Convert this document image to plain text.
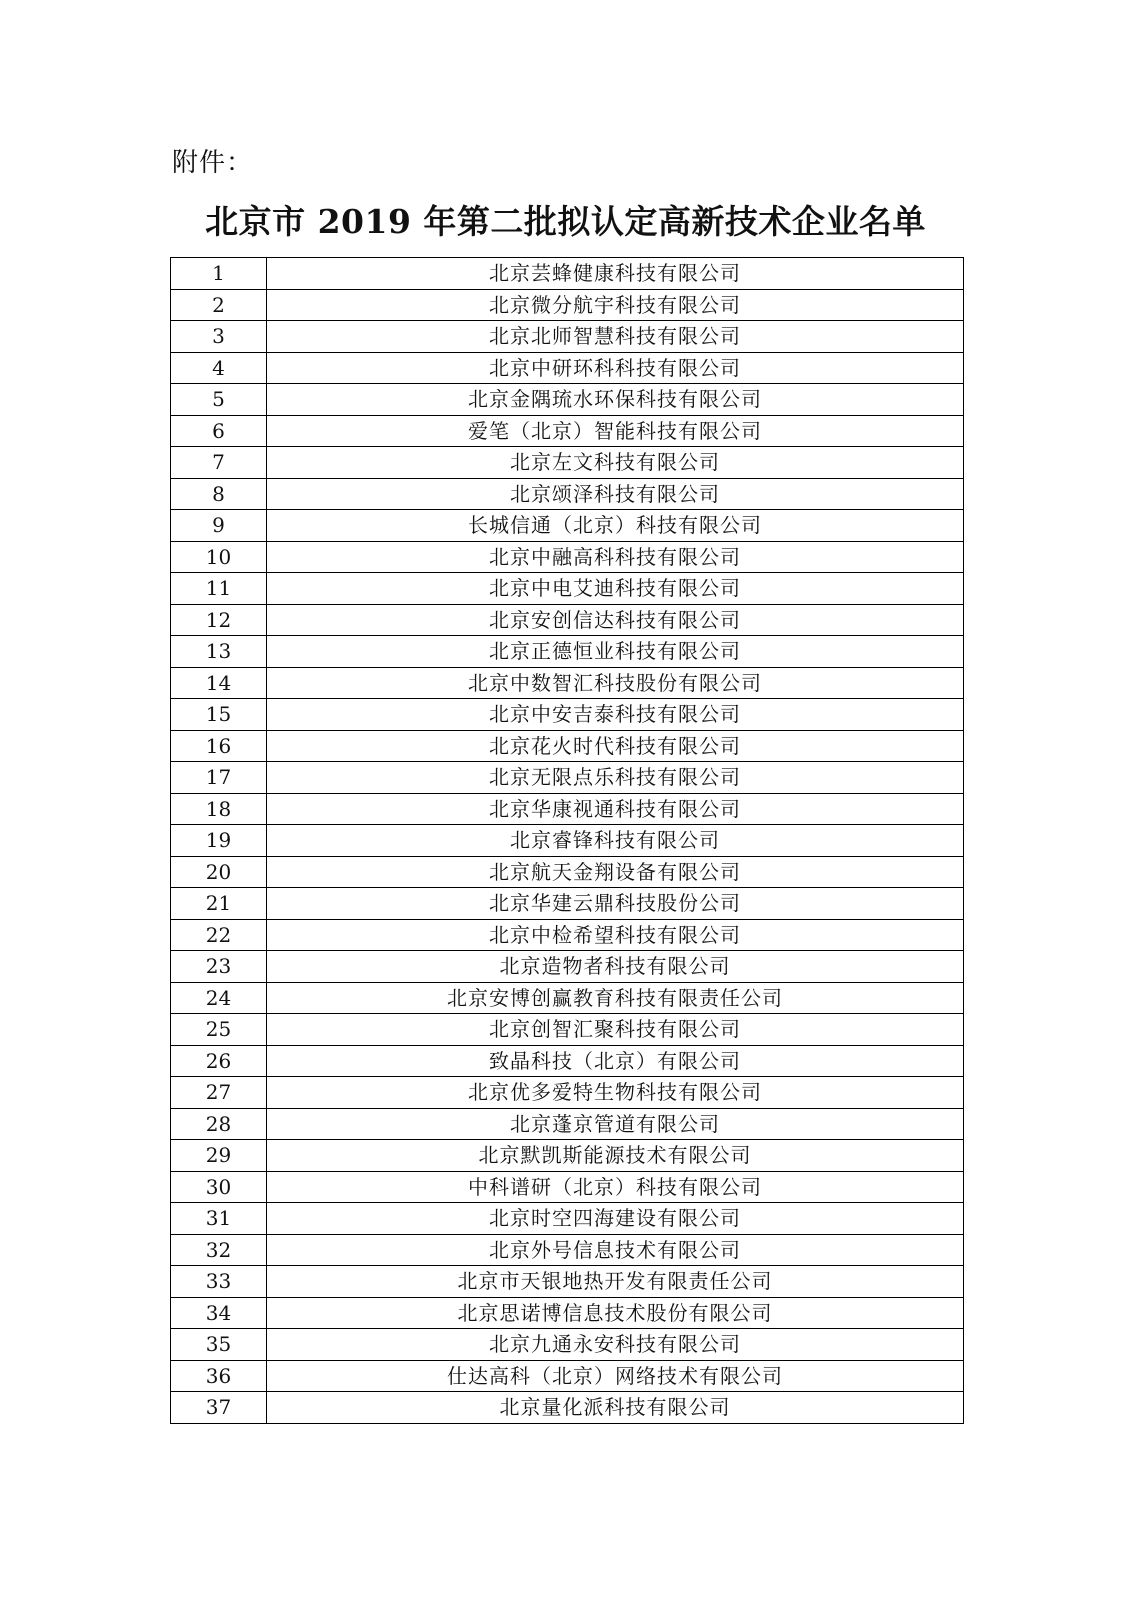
附件：
北京市 2019 年第二批拟认定高新技术企业名单
1	北京芸蜂健康科技有限公司
2	北京微分航宇科技有限公司
3	北京北师智慧科技有限公司
4	北京中研环科科技有限公司
5	北京金隅琉水环保科技有限公司
6	爱笔（北京）智能科技有限公司
7	北京左文科技有限公司
8	北京颂泽科技有限公司
9	长城信通（北京）科技有限公司
10	北京中融高科科技有限公司
11	北京中电艾迪科技有限公司
12	北京安创信达科技有限公司
13	北京正德恒业科技有限公司
14	北京中数智汇科技股份有限公司
15	北京中安吉泰科技有限公司
16	北京花火时代科技有限公司
17	北京无限点乐科技有限公司
18	北京华康视通科技有限公司
19	北京睿锋科技有限公司
20	北京航天金翔设备有限公司
21	北京华建云鼎科技股份公司
22	北京中检希望科技有限公司
23	北京造物者科技有限公司
24	北京安博创赢教育科技有限责任公司
25	北京创智汇聚科技有限公司
26	致晶科技（北京）有限公司
27	北京优多爱特生物科技有限公司
28	北京蓬京管道有限公司
29	北京默凯斯能源技术有限公司
30	中科谱研（北京）科技有限公司
31	北京时空四海建设有限公司
32	北京外号信息技术有限公司
33	北京市天银地热开发有限责任公司
34	北京思诺博信息技术股份有限公司
35	北京九通永安科技有限公司
36	仕达高科（北京）网络技术有限公司
37	北京量化派科技有限公司
